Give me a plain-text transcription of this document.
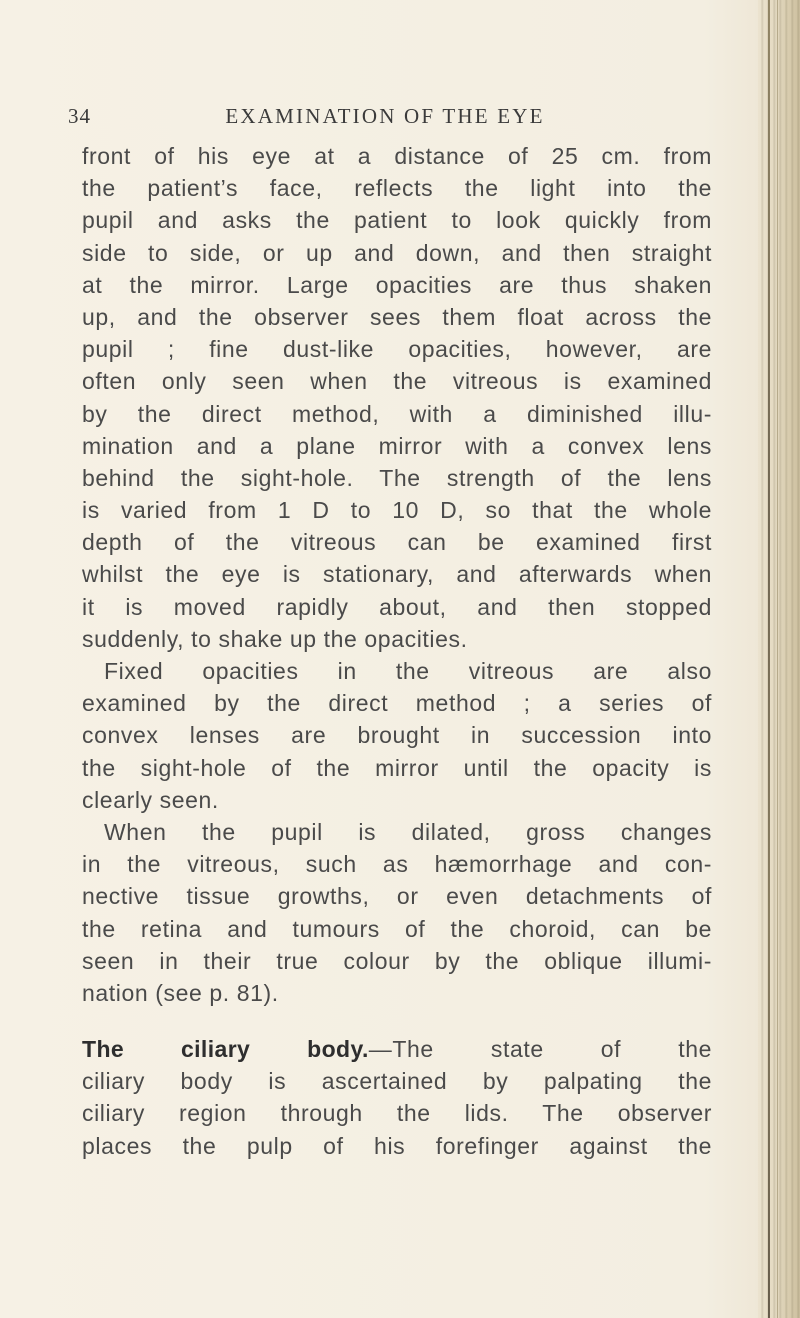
34	EXAMINATION OF THE EYE
front of his eye at a distance of 25 cm. from
the patient’s face, reflects the light into the
pupil and asks the patient to look quickly from
side to side, or up and down, and then straight
at the mirror. Large opacities are thus shaken
up, and the observer sees them float across the
pupil ; fine dust-like opacities, however, are
often only seen when the vitreous is examined
by the direct method, with a diminished illu-
mination and a plane mirror with a convex lens
behind the sight-hole. The strength of the lens
is varied from 1 D to 10 D, so that the whole
depth of the vitreous can be examined first
whilst the eye is stationary, and afterwards when
it is moved rapidly about, and then stopped
suddenly, to shake up the opacities.
Fixed opacities in the vitreous are also
examined by the direct method ; a series of
convex lenses are brought in succession into
the sight-hole of the mirror until the opacity is
clearly seen.
When the pupil is dilated, gross changes
in the vitreous, such as hæmorrhage and con-
nective tissue growths, or even detachments of
the retina and tumours of the choroid, can be
seen in their true colour by the oblique illumi-
nation (see p. 81).
The ciliary body.—The state of the
ciliary body is ascertained by palpating the
ciliary region through the lids. The observer
places the pulp of his forefinger against the
